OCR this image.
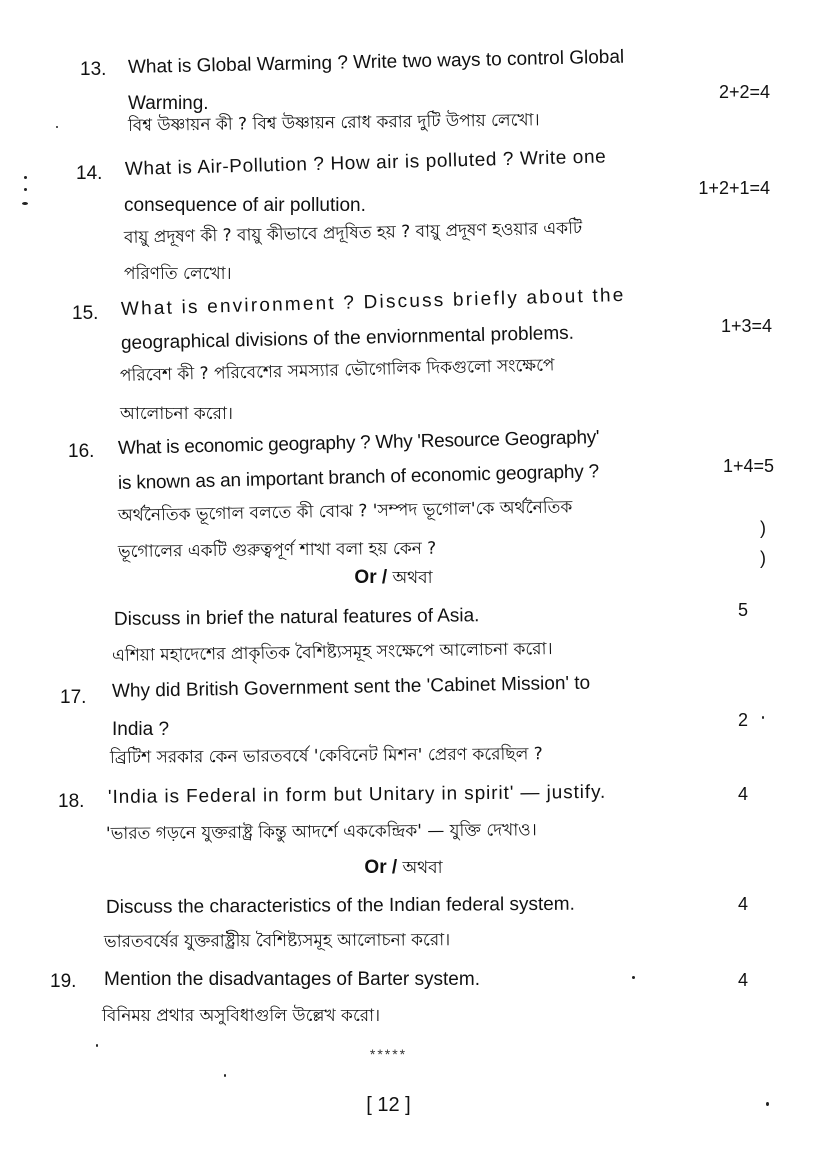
13. What is Global Warming ? Write two ways to control Global
2+2=4
Warming.
বিশ্ব উষ্ণায়ন কী ? বিশ্ব উষ্ণায়ন রোধ করার দুটি উপায় লেখো।
14. What is Air-Pollution ? How air is polluted ? Write one
1+2+1=4
consequence of air pollution.
বায়ু প্রদূষণ কী ? বায়ু কীভাবে প্রদূষিত হয় ? বায়ু প্রদূষণ হওয়ার একটি
পরিণতি লেখো।
15. What is environment ? Discuss briefly about the
geographical divisions of the enviornmental problems.	1+3=4
পরিবেশ কী ? পরিবেশের সমস্যার ভৌগোলিক দিকগুলো সংক্ষেপে
আলোচনা করো।
16. What is economic geography ? Why 'Resource Geography'
is known as an important branch of economic geography ?	1+4=5
অর্থনৈতিক ভূগোল বলতে কী বোঝ ? 'সম্পদ ভূগোল'কে অর্থনৈতিক
ভূগোলের একটি গুরুত্বপূর্ণ শাখা বলা হয় কেন ?
)
)
Or / অথবা
Discuss in brief the natural features of Asia.	5
এশিয়া মহাদেশের প্রাকৃতিক বৈশিষ্ট্যসমূহ সংক্ষেপে আলোচনা করো।
17. Why did British Government sent the 'Cabinet Mission' to
India ?	2
ব্রিটিশ সরকার কেন ভারতবর্ষে 'কেবিনেট মিশন' প্রেরণ করেছিল ?
18. 'India is Federal in form but Unitary in spirit' — justify.	4
'ভারত গড়নে যুক্তরাষ্ট্র কিন্তু আদর্শে এককেন্দ্রিক' — যুক্তি দেখাও।
Or / অথবা
Discuss the characteristics of the Indian federal system.	4
ভারতবর্ষের যুক্তরাষ্ট্রীয় বৈশিষ্ট্যসমূহ আলোচনা করো।
19. Mention the disadvantages of Barter system.	4
বিনিময় প্রথার অসুবিধাগুলি উল্লেখ করো।
*****
[ 12 ]
